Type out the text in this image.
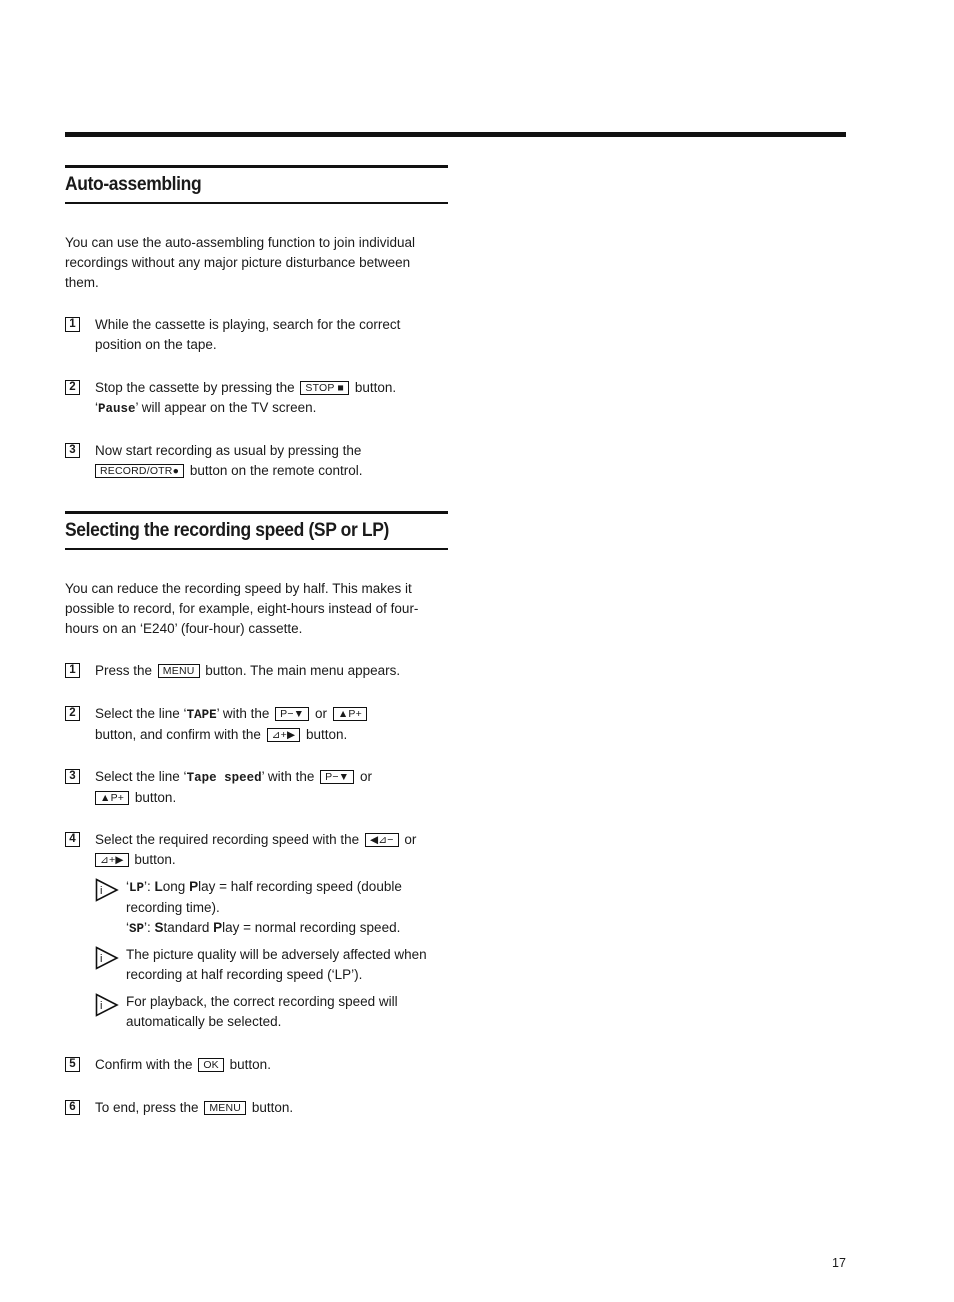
Auto-assembling
You can use the auto-assembling function to join individual recordings without any major picture disturbance between them.
1	While the cassette is playing, search for the correct position on the tape.
2	Stop the cassette by pressing the STOP ■ button.
‘Pause’ will appear on the TV screen.
3	Now start recording as usual by pressing the
RECORD/OTR● button on the remote control.
Selecting the recording speed (SP or LP)
You can reduce the recording speed by half. This makes it possible to record, for example, eight-hours instead of four-hours on an ‘E240’ (four-hour) cassette.
1	Press the MENU button. The main menu appears.
2	Select the line ‘TAPE’ with the P−▼ or ▲P+
button, and confirm with the ⊿+▶ button.
3	Select the line ‘Tape speed’ with the P−▼ or
▲P+ button.
4	Select the required recording speed with the ◀⊿− or
⊿+▶ button.
i ‘LP’: Long Play = half recording speed (double recording time).
‘SP’: Standard Play = normal recording speed.
i The picture quality will be adversely affected when recording at half recording speed (‘LP’).
i For playback, the correct recording speed will automatically be selected.
5	Confirm with the OK button.
6	To end, press the MENU button.
17
